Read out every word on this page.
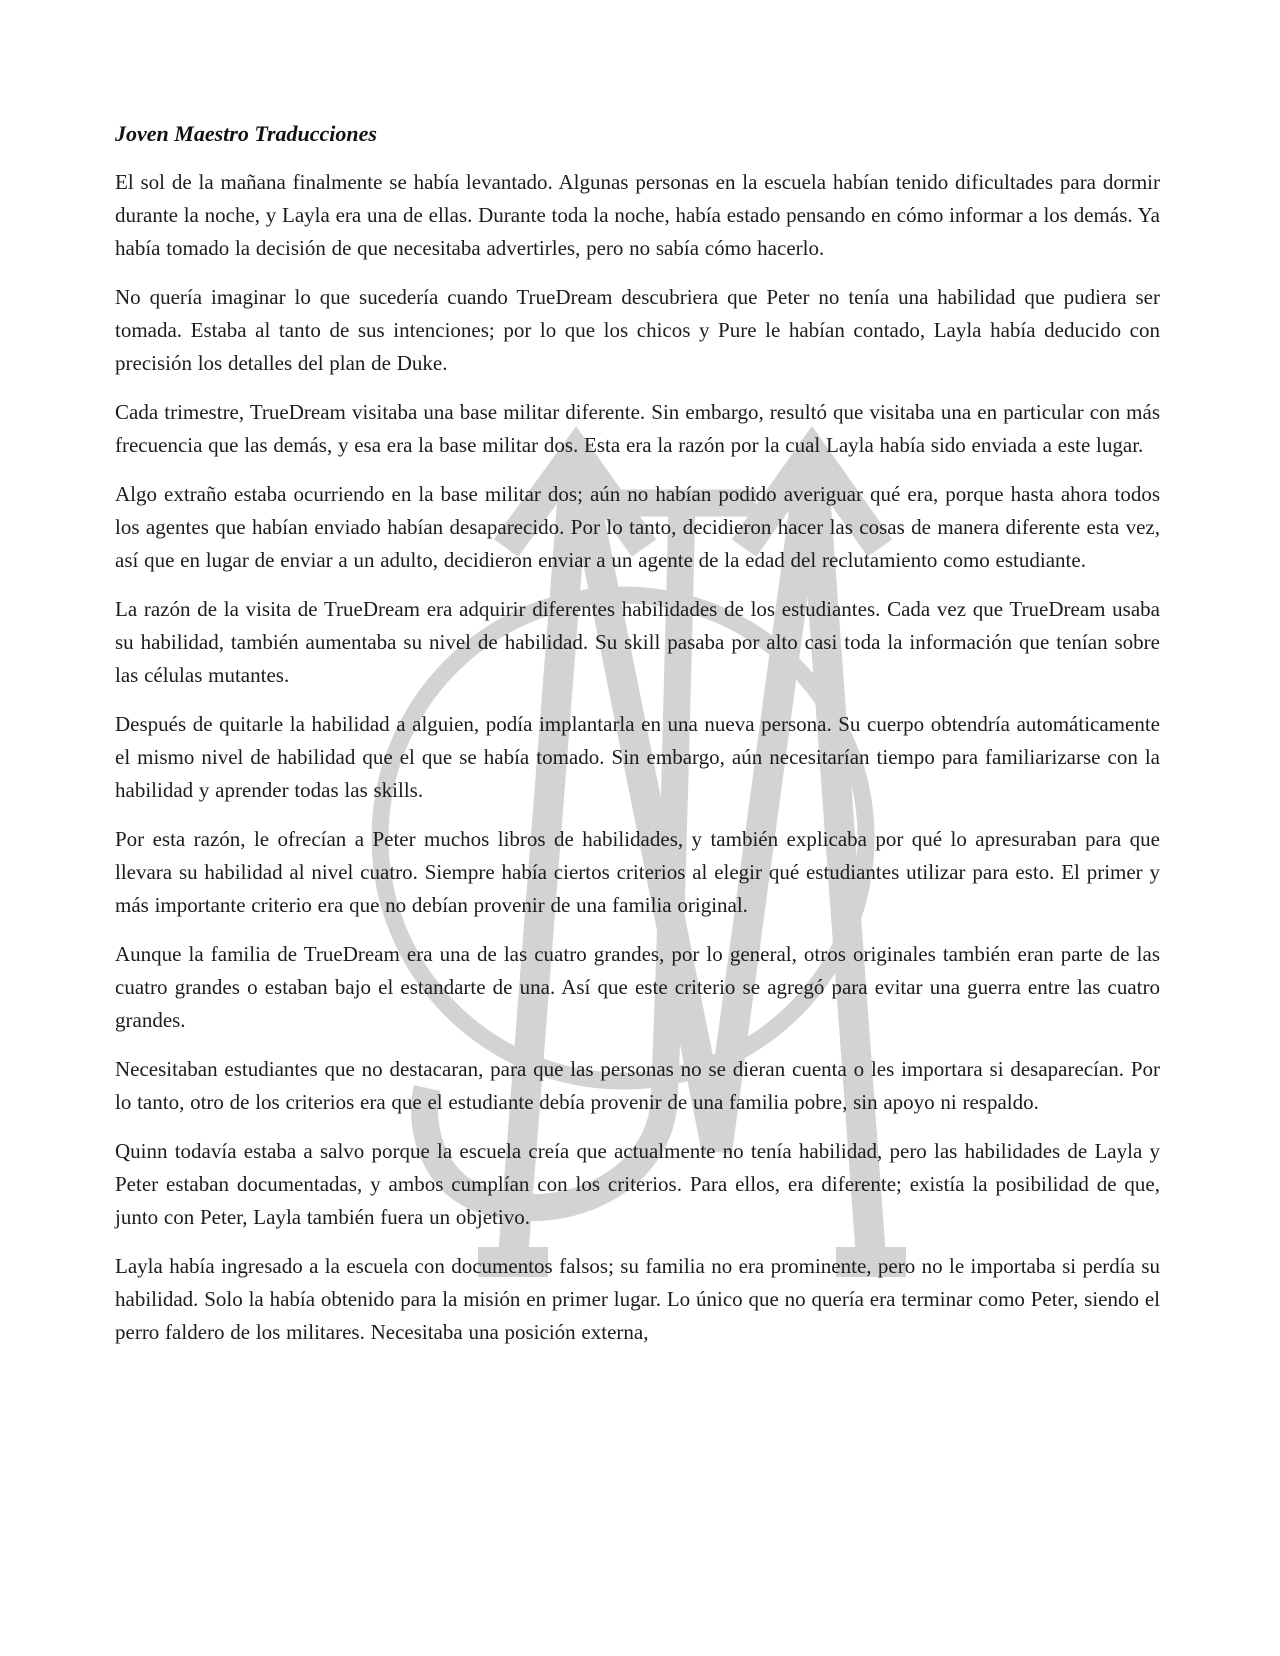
Joven Maestro Traducciones

El sol de la mañana finalmente se había levantado. Algunas personas en la escuela habían tenido dificultades para dormir durante la noche, y Layla era una de ellas. Durante toda la noche, había estado pensando en cómo informar a los demás. Ya había tomado la decisión de que necesitaba advertirles, pero no sabía cómo hacerlo.

No quería imaginar lo que sucedería cuando TrueDream descubriera que Peter no tenía una habilidad que pudiera ser tomada. Estaba al tanto de sus intenciones; por lo que los chicos y Pure le habían contado, Layla había deducido con precisión los detalles del plan de Duke.

Cada trimestre, TrueDream visitaba una base militar diferente. Sin embargo, resultó que visitaba una en particular con más frecuencia que las demás, y esa era la base militar dos. Esta era la razón por la cual Layla había sido enviada a este lugar.

Algo extraño estaba ocurriendo en la base militar dos; aún no habían podido averiguar qué era, porque hasta ahora todos los agentes que habían enviado habían desaparecido. Por lo tanto, decidieron hacer las cosas de manera diferente esta vez, así que en lugar de enviar a un adulto, decidieron enviar a un agente de la edad del reclutamiento como estudiante.

La razón de la visita de TrueDream era adquirir diferentes habilidades de los estudiantes. Cada vez que TrueDream usaba su habilidad, también aumentaba su nivel de habilidad. Su skill pasaba por alto casi toda la información que tenían sobre las células mutantes.

Después de quitarle la habilidad a alguien, podía implantarla en una nueva persona. Su cuerpo obtendría automáticamente el mismo nivel de habilidad que el que se había tomado. Sin embargo, aún necesitarían tiempo para familiarizarse con la habilidad y aprender todas las skills.

Por esta razón, le ofrecían a Peter muchos libros de habilidades, y también explicaba por qué lo apresuraban para que llevara su habilidad al nivel cuatro. Siempre había ciertos criterios al elegir qué estudiantes utilizar para esto. El primer y más importante criterio era que no debían provenir de una familia original.

Aunque la familia de TrueDream era una de las cuatro grandes, por lo general, otros originales también eran parte de las cuatro grandes o estaban bajo el estandarte de una. Así que este criterio se agregó para evitar una guerra entre las cuatro grandes.

Necesitaban estudiantes que no destacaran, para que las personas no se dieran cuenta o les importara si desaparecían. Por lo tanto, otro de los criterios era que el estudiante debía provenir de una familia pobre, sin apoyo ni respaldo.

Quinn todavía estaba a salvo porque la escuela creía que actualmente no tenía habilidad, pero las habilidades de Layla y Peter estaban documentadas, y ambos cumplían con los criterios. Para ellos, era diferente; existía la posibilidad de que, junto con Peter, Layla también fuera un objetivo.

Layla había ingresado a la escuela con documentos falsos; su familia no era prominente, pero no le importaba si perdía su habilidad. Solo la había obtenido para la misión en primer lugar. Lo único que no quería era terminar como Peter, siendo el perro faldero de los militares. Necesitaba una posición externa,
